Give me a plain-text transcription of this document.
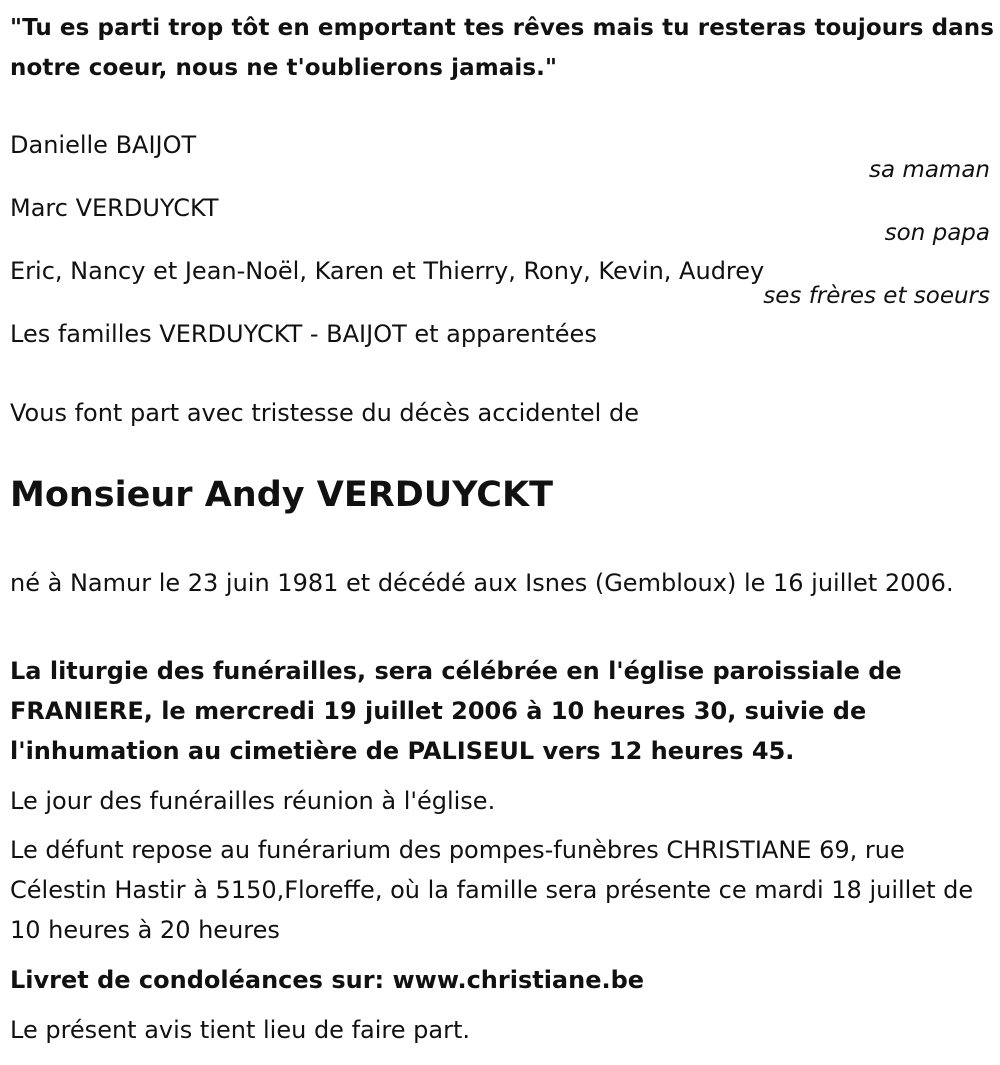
"Tu es parti trop tôt en emportant tes rêves mais tu resteras toujours dans notre coeur, nous ne t'oublierons jamais."
Danielle BAIJOT
sa maman
Marc VERDUYCKT
son papa
Eric, Nancy et Jean-Noël, Karen et Thierry, Rony, Kevin, Audrey
ses frères et soeurs
Les familles VERDUYCKT - BAIJOT et apparentées
Vous font part avec tristesse du décès accidentel de
Monsieur Andy VERDUYCKT
né à Namur le 23 juin 1981 et décédé aux Isnes (Gembloux) le 16 juillet 2006.
La liturgie des funérailles, sera célébrée en l'église paroissiale de FRANIERE, le mercredi 19 juillet 2006 à 10 heures 30, suivie de l'inhumation au cimetière de PALISEUL vers 12 heures 45.
Le jour des funérailles réunion à l'église.
Le défunt repose au funérarium des pompes-funèbres CHRISTIANE 69, rue Célestin Hastir à 5150,Floreffe, où la famille sera présente ce mardi 18 juillet de 10 heures à 20 heures
Livret de condoléances sur: www.christiane.be
Le présent avis tient lieu de faire part.
